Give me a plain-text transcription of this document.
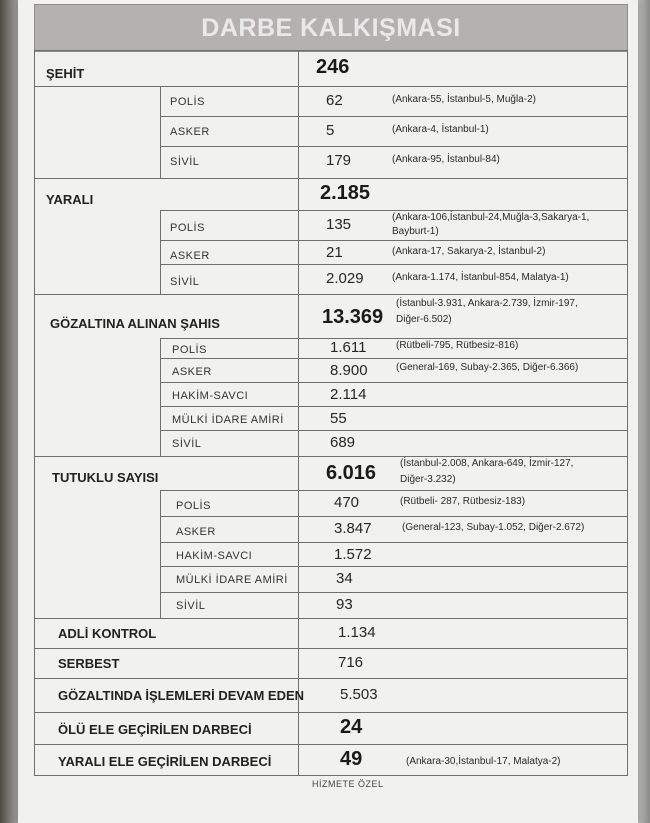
DARBE KALKIŞMASI
ŞEHİT	246
POLİS	62	(Ankara-55, İstanbul-5, Muğla-2)
ASKER	5	(Ankara-4, İstanbul-1)
SİVİL	179	(Ankara-95, İstanbul-84)
YARALI	2.185
POLİS	135	(Ankara-106,İstanbul-24,Muğla-3,Sakarya-1,
Bayburt-1)
ASKER	21	(Ankara-17, Sakarya-2, İstanbul-2)
SİVİL	2.029	(Ankara-1.174, İstanbul-854, Malatya-1)
GÖZALTINA ALINAN ŞAHIS	13.369
(İstanbul-3.931, Ankara-2.739, İzmir-197,
Diğer-6.502)
POLİS	1.611	(Rütbeli-795, Rütbesiz-816)
ASKER	8.900	(General-169, Subay-2.365, Diğer-6.366)
HAKİM-SAVCI	2.114
MÜLKİ İDARE AMİRİ	55
SİVİL	689
TUTUKLU SAYISI	6.016 (İstanbul-2.008, Ankara-649, İzmir-127,
Diğer-3.232)
POLİS	470	(Rütbeli- 287, Rütbesiz-183)
ASKER	3.847	(General-123, Subay-1.052, Diğer-2.672)
HAKİM-SAVCI	1.572
MÜLKİ İDARE AMİRİ	34
SİVİL	93
ADLİ KONTROL	1.134
SERBEST	716
GÖZALTINDA İŞLEMLERİ DEVAM EDEN 5.503
ÖLÜ ELE GEÇİRİLEN DARBECİ	24
YARALI ELE GEÇİRİLEN DARBECİ	49	(Ankara-30,İstanbul-17, Malatya-2)
HİZMETE ÖZEL
